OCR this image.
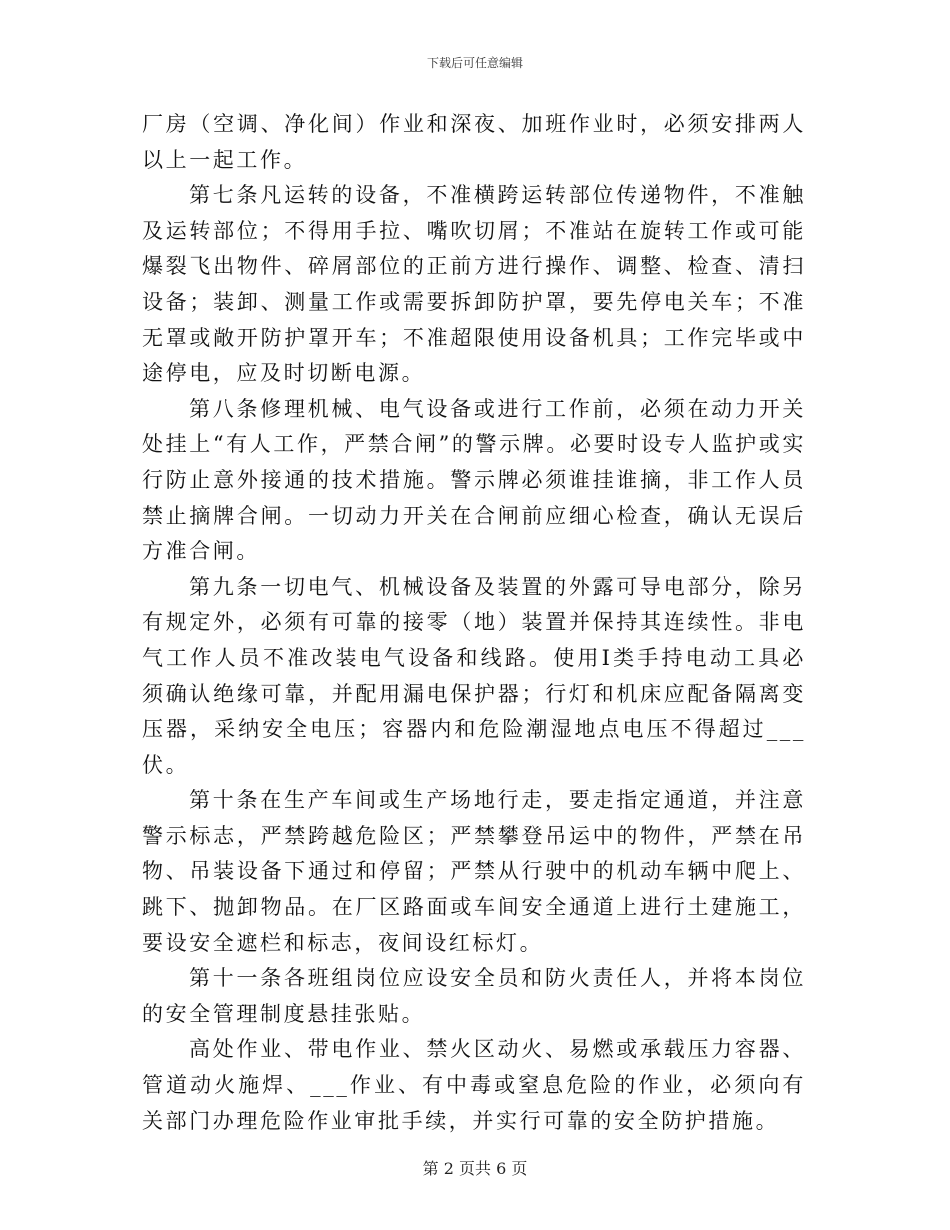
下载后可任意编辑

厂房（空调、净化间）作业和深夜、加班作业时，必须安排两人以上一起工作。

第七条凡运转的设备，不准横跨运转部位传递物件，不准触及运转部位；不得用手拉、嘴吹切屑；不准站在旋转工作或可能爆裂飞出物件、碎屑部位的正前方进行操作、调整、检查、清扫设备；装卸、测量工作或需要拆卸防护罩，要先停电关车；不准无罩或敞开防护罩开车；不准超限使用设备机具；工作完毕或中途停电，应及时切断电源。

第八条修理机械、电气设备或进行工作前，必须在动力开关处挂上“有人工作，严禁合闸”的警示牌。必要时设专人监护或实行防止意外接通的技术措施。警示牌必须谁挂谁摘，非工作人员禁止摘牌合闸。一切动力开关在合闸前应细心检查，确认无误后方准合闸。

第九条一切电气、机械设备及装置的外露可导电部分，除另有规定外，必须有可靠的接零（地）装置并保持其连续性。非电气工作人员不准改装电气设备和线路。使用Ⅰ类手持电动工具必须确认绝缘可靠，并配用漏电保护器；行灯和机床应配备隔离变压器，采纳安全电压；容器内和危险潮湿地点电压不得超过___伏。

第十条在生产车间或生产场地行走，要走指定通道，并注意警示标志，严禁跨越危险区；严禁攀登吊运中的物件，严禁在吊物、吊装设备下通过和停留；严禁从行驶中的机动车辆中爬上、跳下、抛卸物品。在厂区路面或车间安全通道上进行土建施工，要设安全遮栏和标志，夜间设红标灯。

第十一条各班组岗位应设安全员和防火责任人，并将本岗位的安全管理制度悬挂张贴。

高处作业、带电作业、禁火区动火、易燃或承载压力容器、管道动火施焊、___作业、有中毒或窒息危险的作业，必须向有关部门办理危险作业审批手续，并实行可靠的安全防护措施。

第 2 页共 6 页
